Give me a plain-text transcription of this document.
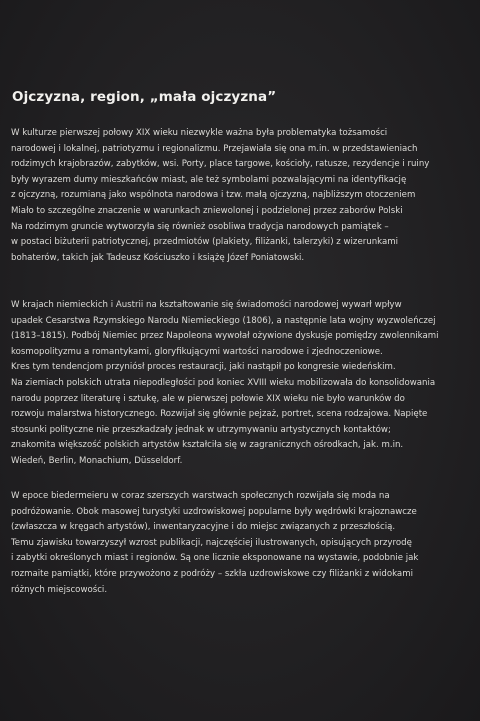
Ojczyzna, region, „mała ojczyzna”

W kulturze pierwszej połowy XIX wieku niezwykle ważna była problematyka tożsamości
narodowej i lokalnej, patriotyzmu i regionalizmu. Przejawiała się ona m.in. w przedstawieniach
rodzimych krajobrazów, zabytków, wsi. Porty, place targowe, kościoły, ratusze, rezydencje i ruiny
były wyrazem dumy mieszkańców miast, ale też symbolami pozwalającymi na identyfikację
z ojczyzną, rozumianą jako wspólnota narodowa i tzw. małą ojczyzną, najbliższym otoczeniem
Miało to szczególne znaczenie w warunkach zniewolonej i podzielonej przez zaborów Polski
Na rodzimym gruncie wytworzyła się również osobliwa tradycja narodowych pamiątek –
w postaci biżuterii patriotycznej, przedmiotów (plakiety, filiżanki, talerzyki) z wizerunkami
bohaterów, takich jak Tadeusz Kościuszko i książę Józef Poniatowski.

W krajach niemieckich i Austrii na kształtowanie się świadomości narodowej wywarł wpływ
upadek Cesarstwa Rzymskiego Narodu Niemieckiego (1806), a następnie lata wojny wyzwoleńczej
(1813–1815). Podbój Niemiec przez Napoleona wywołał ożywione dyskusje pomiędzy zwolennikami
kosmopolityzmu a romantykami, gloryfikującymi wartości narodowe i zjednoczeniowe.
Kres tym tendencjom przyniósł proces restauracji, jaki nastąpił po kongresie wiedeńskim.
Na ziemiach polskich utrata niepodległości pod koniec XVIII wieku mobilizowała do konsolidowania
narodu poprzez literaturę i sztukę, ale w pierwszej połowie XIX wieku nie było warunków do
rozwoju malarstwa historycznego. Rozwijał się głównie pejzaż, portret, scena rodzajowa. Napięte
stosunki polityczne nie przeszkadzały jednak w utrzymywaniu artystycznych kontaktów;
znakomita większość polskich artystów kształciła się w zagranicznych ośrodkach, jak. m.in.
Wiedeń, Berlin, Monachium, Düsseldorf.

W epoce biedermeieru w coraz szerszych warstwach społecznych rozwijała się moda na
podróżowanie. Obok masowej turystyki uzdrowiskowej popularne były wędrówki krajoznawcze
(zwłaszcza w kręgach artystów), inwentaryzacyjne i do miejsc związanych z przeszłością.
Temu zjawisku towarzyszył wzrost publikacji, najczęściej ilustrowanych, opisujących przyrodę
i zabytki określonych miast i regionów. Są one licznie eksponowane na wystawie, podobnie jak
rozmaite pamiątki, które przywożono z podróży – szkła uzdrowiskowe czy filiżanki z widokami
różnych miejscowości.
